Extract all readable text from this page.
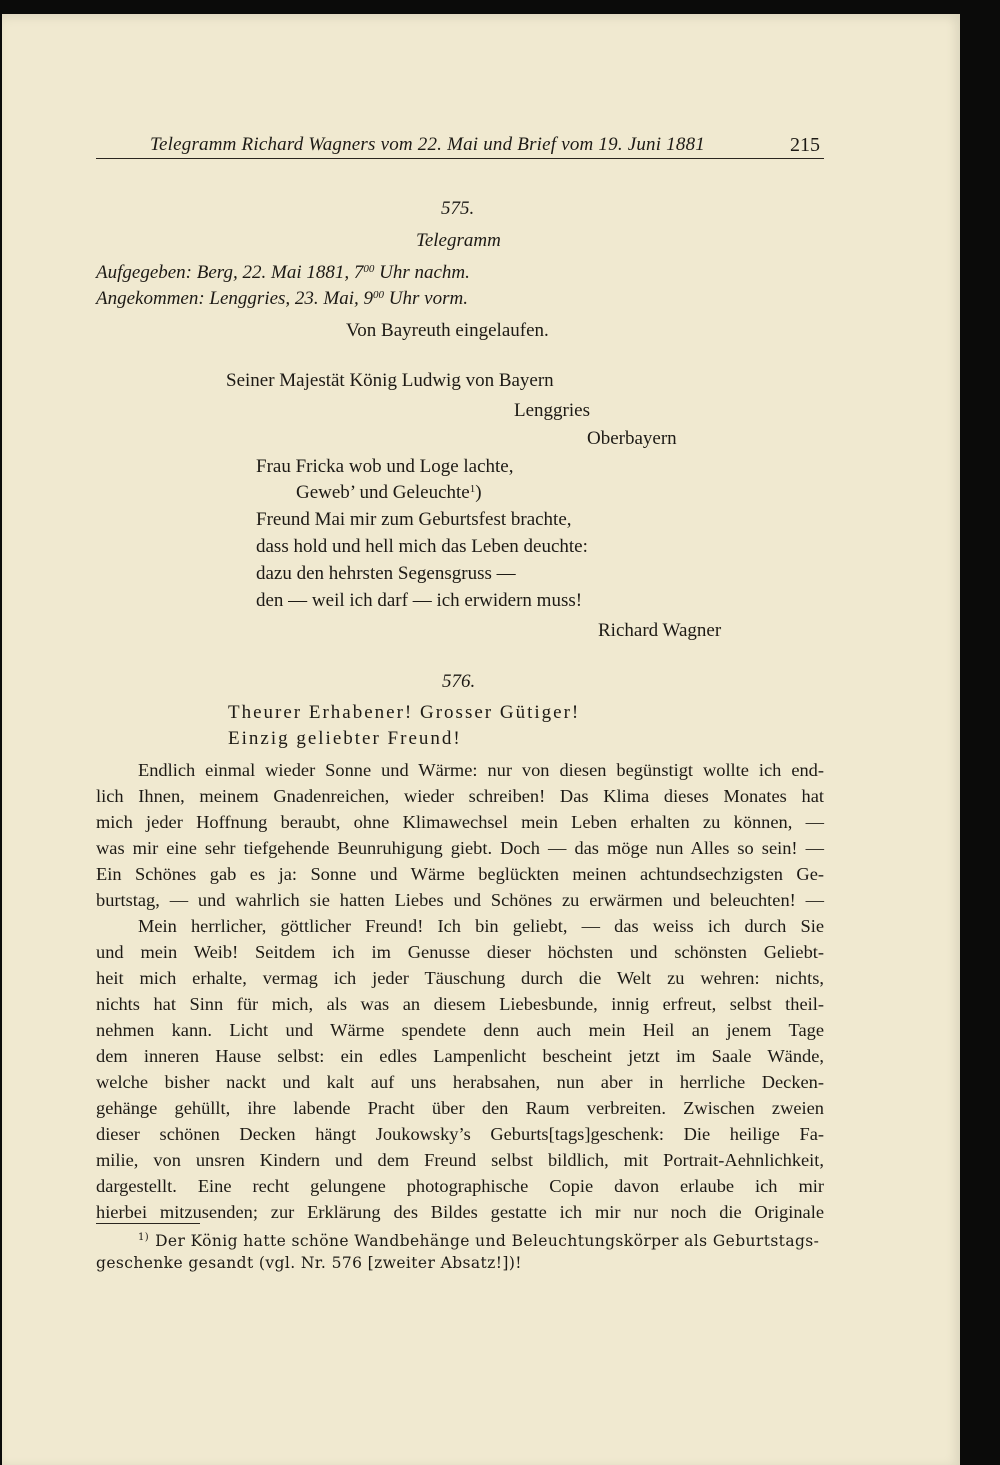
Telegramm Richard Wagners vom 22. Mai und Brief vom 19. Juni 1881	215
575.
Telegramm
Aufgegeben: Berg, 22. Mai 1881, $7^{00}$ Uhr nachm.
Angekommen: Lenggries, 23. Mai, $9^{00}$ Uhr vorm.
Von Bayreuth eingelaufen.
Seiner Majestät König Ludwig von Bayern
Lenggries
Oberbayern
Frau Fricka wob und Loge lachte,
Geweb’ und Geleuchte$^1$)
Freund Mai mir zum Geburtsfest brachte,
dass hold und hell mich das Leben deuchte:
dazu den hehrsten Segensgruss —
den — weil ich darf — ich erwidern muss!
Richard Wagner
576.
Theurer Erhabener! Grosser Gütiger!
Einzig geliebter Freund!
Endlich einmal wieder Sonne und Wärme: nur von diesen begünstigt wollte ich end-
lich Ihnen, meinem Gnadenreichen, wieder schreiben! Das Klima dieses Monates hat
mich jeder Hoffnung beraubt, ohne Klimawechsel mein Leben erhalten zu können, —
was mir eine sehr tiefgehende Beunruhigung giebt. Doch — das möge nun Alles so sein! —
Ein Schönes gab es ja: Sonne und Wärme beglückten meinen achtundsechzigsten Ge-
burtstag, — und wahrlich sie hatten Liebes und Schönes zu erwärmen und beleuchten! —
Mein herrlicher, göttlicher Freund! Ich bin geliebt, — das weiss ich durch Sie
und mein Weib! Seitdem ich im Genusse dieser höchsten und schönsten Geliebt-
heit mich erhalte, vermag ich jeder Täuschung durch die Welt zu wehren: nichts,
nichts hat Sinn für mich, als was an diesem Liebesbunde, innig erfreut, selbst theil-
nehmen kann. Licht und Wärme spendete denn auch mein Heil an jenem Tage
dem inneren Hause selbst: ein edles Lampenlicht bescheint jetzt im Saale Wände,
welche bisher nackt und kalt auf uns herabsahen, nun aber in herrliche Decken-
gehänge gehüllt, ihre labende Pracht über den Raum verbreiten. Zwischen zweien
dieser schönen Decken hängt Joukowsky’s Geburts[tags]geschenk: Die heilige Fa-
milie, von unsren Kindern und dem Freund selbst bildlich, mit Portrait-Aehnlichkeit,
dargestellt. Eine recht gelungene photographische Copie davon erlaube ich mir
hierbei mitzusenden; zur Erklärung des Bildes gestatte ich mir nur noch die Originale
$^{1)}$ Der König hatte schöne Wandbehänge und Beleuchtungskörper als Geburtstags-
geschenke gesandt (vgl. Nr. 576 [zweiter Absatz!])!
